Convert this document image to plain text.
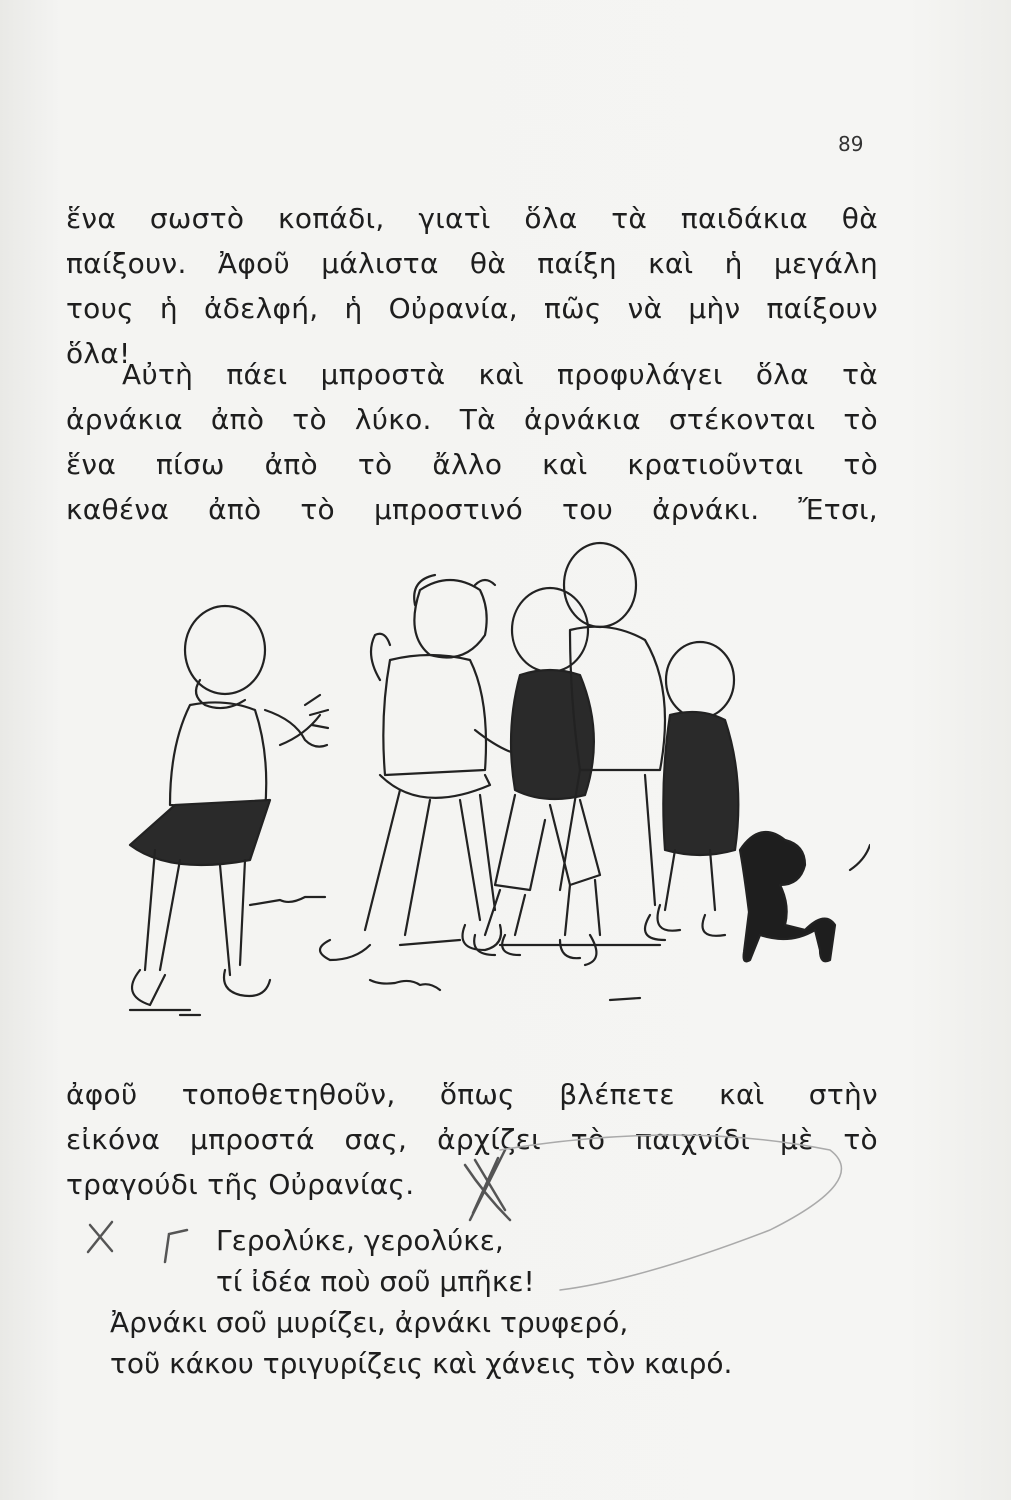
89
ἕνα σωστὸ κοπάδι, γιατὶ ὅλα τὰ παιδάκια θὰ
παίξουν. Ἀφοῦ μάλιστα θὰ παίξη καὶ ἡ μεγάλη
τους ἡ ἀδελφή, ἡ Οὐρανία, πῶς νὰ μὴν παίξουν
ὅλα!
Αὐτὴ πάει μπροστὰ καὶ προφυλάγει ὅλα τὰ
ἀρνάκια ἀπὸ τὸ λύκο. Τὰ ἀρνάκια στέκονται τὸ
ἕνα πίσω ἀπὸ τὸ ἄλλο καὶ κρατιοῦνται τὸ
καθένα ἀπὸ τὸ μπροστινό του ἀρνάκι. Ἔτσι,
ἀφοῦ τοποθετηθοῦν, ὅπως βλέπετε καὶ στὴν
εἰκόνα μπροστά σας, ἀρχίζει τὸ παιχνίδι μὲ τὸ
τραγούδι τῆς Οὐρανίας.
Γερολύκε, γερολύκε,
τί ἰδέα ποὺ σοῦ μπῆκε!
Ἀρνάκι σοῦ μυρίζει, ἀρνάκι τρυφερό,
τοῦ κάκου τριγυρίζεις καὶ χάνεις τὸν καιρό.
